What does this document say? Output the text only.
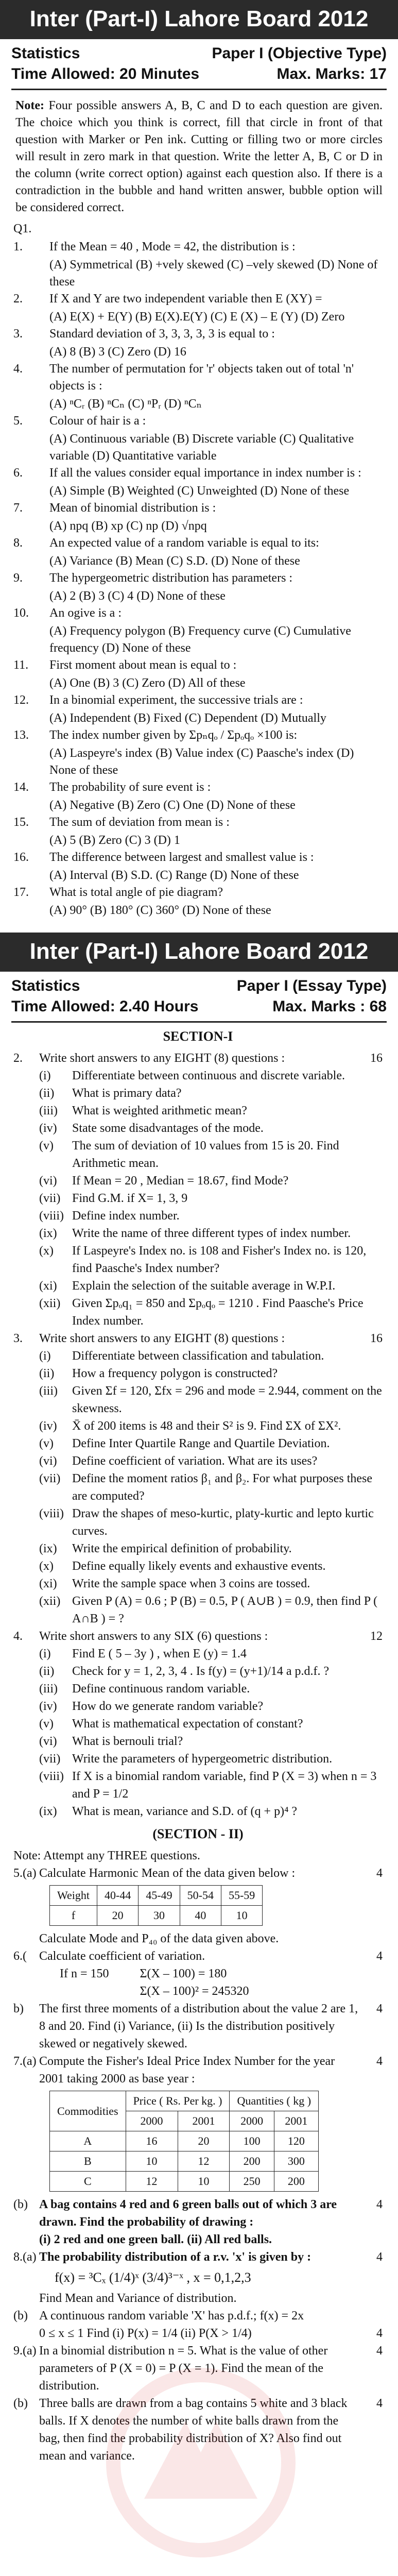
Inter (Part-I) Lahore Board 2012
Statistics	Paper I (Objective Type)
Time Allowed: 20 Minutes	Max. Marks: 17
Note: Four possible answers A, B, C and D to each question are given. The choice which you think is correct, fill that circle in front of that question with Marker or Pen ink. Cutting or filling two or more circles will result in zero mark in that question. Write the letter A, B, C or D in the column (write correct option) against each question also. If there is a contradiction in the bubble and hand written answer, bubble option will be considered correct.
Q1.
1.	If the Mean = 40 , Mode = 42, the distribution is :
(A) Symmetrical (B) +vely skewed (C) –vely skewed (D) None of these
2.	If X and Y are two independent variable then E (XY) =
(A) E(X) + E(Y) (B) E(X).E(Y) (C) E (X) – E (Y) (D) Zero
3.	Standard deviation of 3, 3, 3, 3, 3 is equal to :
(A) 8 (B) 3 (C) Zero (D) 16
4.	The number of permutation for 'r' objects taken out of total 'n' objects is :
(A) ⁿCᵣ (B) ⁿCₙ (C) ⁿPᵣ (D) ⁿCₙ
5.	Colour of hair is a :
(A) Continuous variable (B) Discrete variable (C) Qualitative variable (D) Quantitative variable
6.	If all the values consider equal importance in index number is :
(A) Simple (B) Weighted (C) Unweighted (D) None of these
7.	Mean of binomial distribution is :
(A) npq (B) xp (C) np (D) √npq
8.	An expected value of a random variable is equal to its:
(A) Variance (B) Mean (C) S.D. (D) None of these
9.	The hypergeometric distribution has parameters :
(A) 2 (B) 3 (C) 4 (D) None of these
10.	An ogive is a :
(A) Frequency polygon (B) Frequency curve (C) Cumulative frequency (D) None of these
11.	First moment about mean is equal to :
(A) One (B) 3 (C) Zero (D) All of these
12.	In a binomial experiment, the successive trials are :
(A) Independent (B) Fixed (C) Dependent (D) Mutually
13.	The index number given by Σpₙqₒ / Σpₒqₒ ×100 is:
(A) Laspeyre's index (B) Value index (C) Paasche's index (D) None of these
14.	The probability of sure event is :
(A) Negative (B) Zero (C) One (D) None of these
15.	The sum of deviation from mean is :
(A) 5 (B) Zero (C) 3 (D) 1
16.	The difference between largest and smallest value is :
(A) Interval (B) S.D. (C) Range (D) None of these
17.	What is total angle of pie diagram?
(A) 90° (B) 180° (C) 360° (D) None of these
Inter (Part-I) Lahore Board 2012
Statistics	Paper I (Essay Type)
Time Allowed: 2.40 Hours	Max. Marks : 68
SECTION-I
2.	Write short answers to any EIGHT (8) questions :	16
(i)	Differentiate between continuous and discrete variable.
(ii)	What is primary data?
(iii)	What is weighted arithmetic mean?
(iv)	State some disadvantages of the mode.
(v)	The sum of deviation of 10 values from 15 is 20. Find Arithmetic mean.
(vi)	If Mean = 20 , Median = 18.67, find Mode?
(vii) Find G.M. if X= 1, 3, 9
(viii) Define index number.
(ix)	Write the name of three different types of index number.
(x)	If Laspeyre's Index no. is 108 and Fisher's Index no. is 120, find Paasche's Index number?
(xi)	Explain the selection of the suitable average in W.P.I.
(xii) Given Σpₒq₁ = 850 and Σpₒqₒ = 1210 . Find Paasche's Price Index number.
3.	Write short answers to any EIGHT (8) questions :	16
(i)	Differentiate between classification and tabulation.
(ii)	How a frequency polygon is constructed?
(iii)	Given Σf = 120, Σfx = 296 and mode = 2.944, comment on the skewness.
(iv)	X̄ of 200 items is 48 and their S² is 9. Find ΣX of ΣX².
(v)	Define Inter Quartile Range and Quartile Deviation.
(vi)	Define coefficient of variation. What are its uses?
(vii) Define the moment ratios β₁ and β₂. For what purposes these are computed?
(viii) Draw the shapes of meso-kurtic, platy-kurtic and lepto kurtic curves.
(ix)	Write the empirical definition of probability.
(x)	Define equally likely events and exhaustive events.
(xi)	Write the sample space when 3 coins are tossed.
(xii) Given P (A) = 0.6 ; P (B) = 0.5, P ( A∪B ) = 0.9, then find P ( A∩B ) = ?
4.	Write short answers to any SIX (6) questions :	12
(i)	Find E ( 5 – 3y ) , when E (y) = 1.4
(ii)	Check for y = 1, 2, 3, 4 . Is f(y) = (y+1)/14 a p.d.f. ?
(iii)	Define continuous random variable.
(iv)	How do we generate random variable?
(v)	What is mathematical expectation of constant?
(vi)	What is bernouli trial?
(vii) Write the parameters of hypergeometric distribution.
(viii) If X is a binomial random variable, find P (X = 3) when n = 3 and P = 1/2
(ix)	What is mean, variance and S.D. of (q + p)⁴ ?
(SECTION - II)
Note: Attempt any THREE questions.
5.(a) Calculate Harmonic Mean of the data given below :	4
Weight	40-44	45-49	50-54	55-59
f	20	30	40	10
Calculate Mode and P₄₀ of the data given above.
6.(	Calculate coefficient of variation.	4
If n = 150	Σ(X – 100) = 180
Σ(X – 100)² = 245320
b)	The first three moments of a distribution about the value 2 are 1, 8 and 20. Find (i) Variance, (ii) Is the distribution positively skewed or negatively skewed.
4
7.(a) Compute the Fisher's Ideal Price Index Number for the year 2001 taking 2000 as base year :
4
Commodities	Price ( Rs. Per kg. )		Quantities ( kg )	
	2000	2001	2000	2001
A	16	20	100	120
B	10	12	200	300
C	12	10	250	200
(b) A bag contains 4 red and 6 green balls out of which 3 are drawn. Find the probability of drawing :
4
(i) 2 red and one green ball. (ii) All red balls.
8.(a) The probability distribution of a r.v. 'x' is given by :	4
f(x) = ³Cₓ (1/4)ˣ (3/4)³⁻ˣ , x = 0,1,2,3
Find Mean and Variance of distribution.
(b) A continuous random variable 'X' has p.d.f.; f(x) = 2x
0 ≤ x ≤ 1 Find (i) P(x) = 1/4 (ii) P(X > 1/4)	4
9.(a) In a binomial distribution n = 5. What is the value of other parameters of P (X = 0) = P (X = 1). Find the mean of the distribution.
4
(b) Three balls are drawn from a bag contains 5 white and 3 black balls. If X denotes the number of white balls drawn from the bag, then find the probability distribution of X? Also find out mean and variance.
4
